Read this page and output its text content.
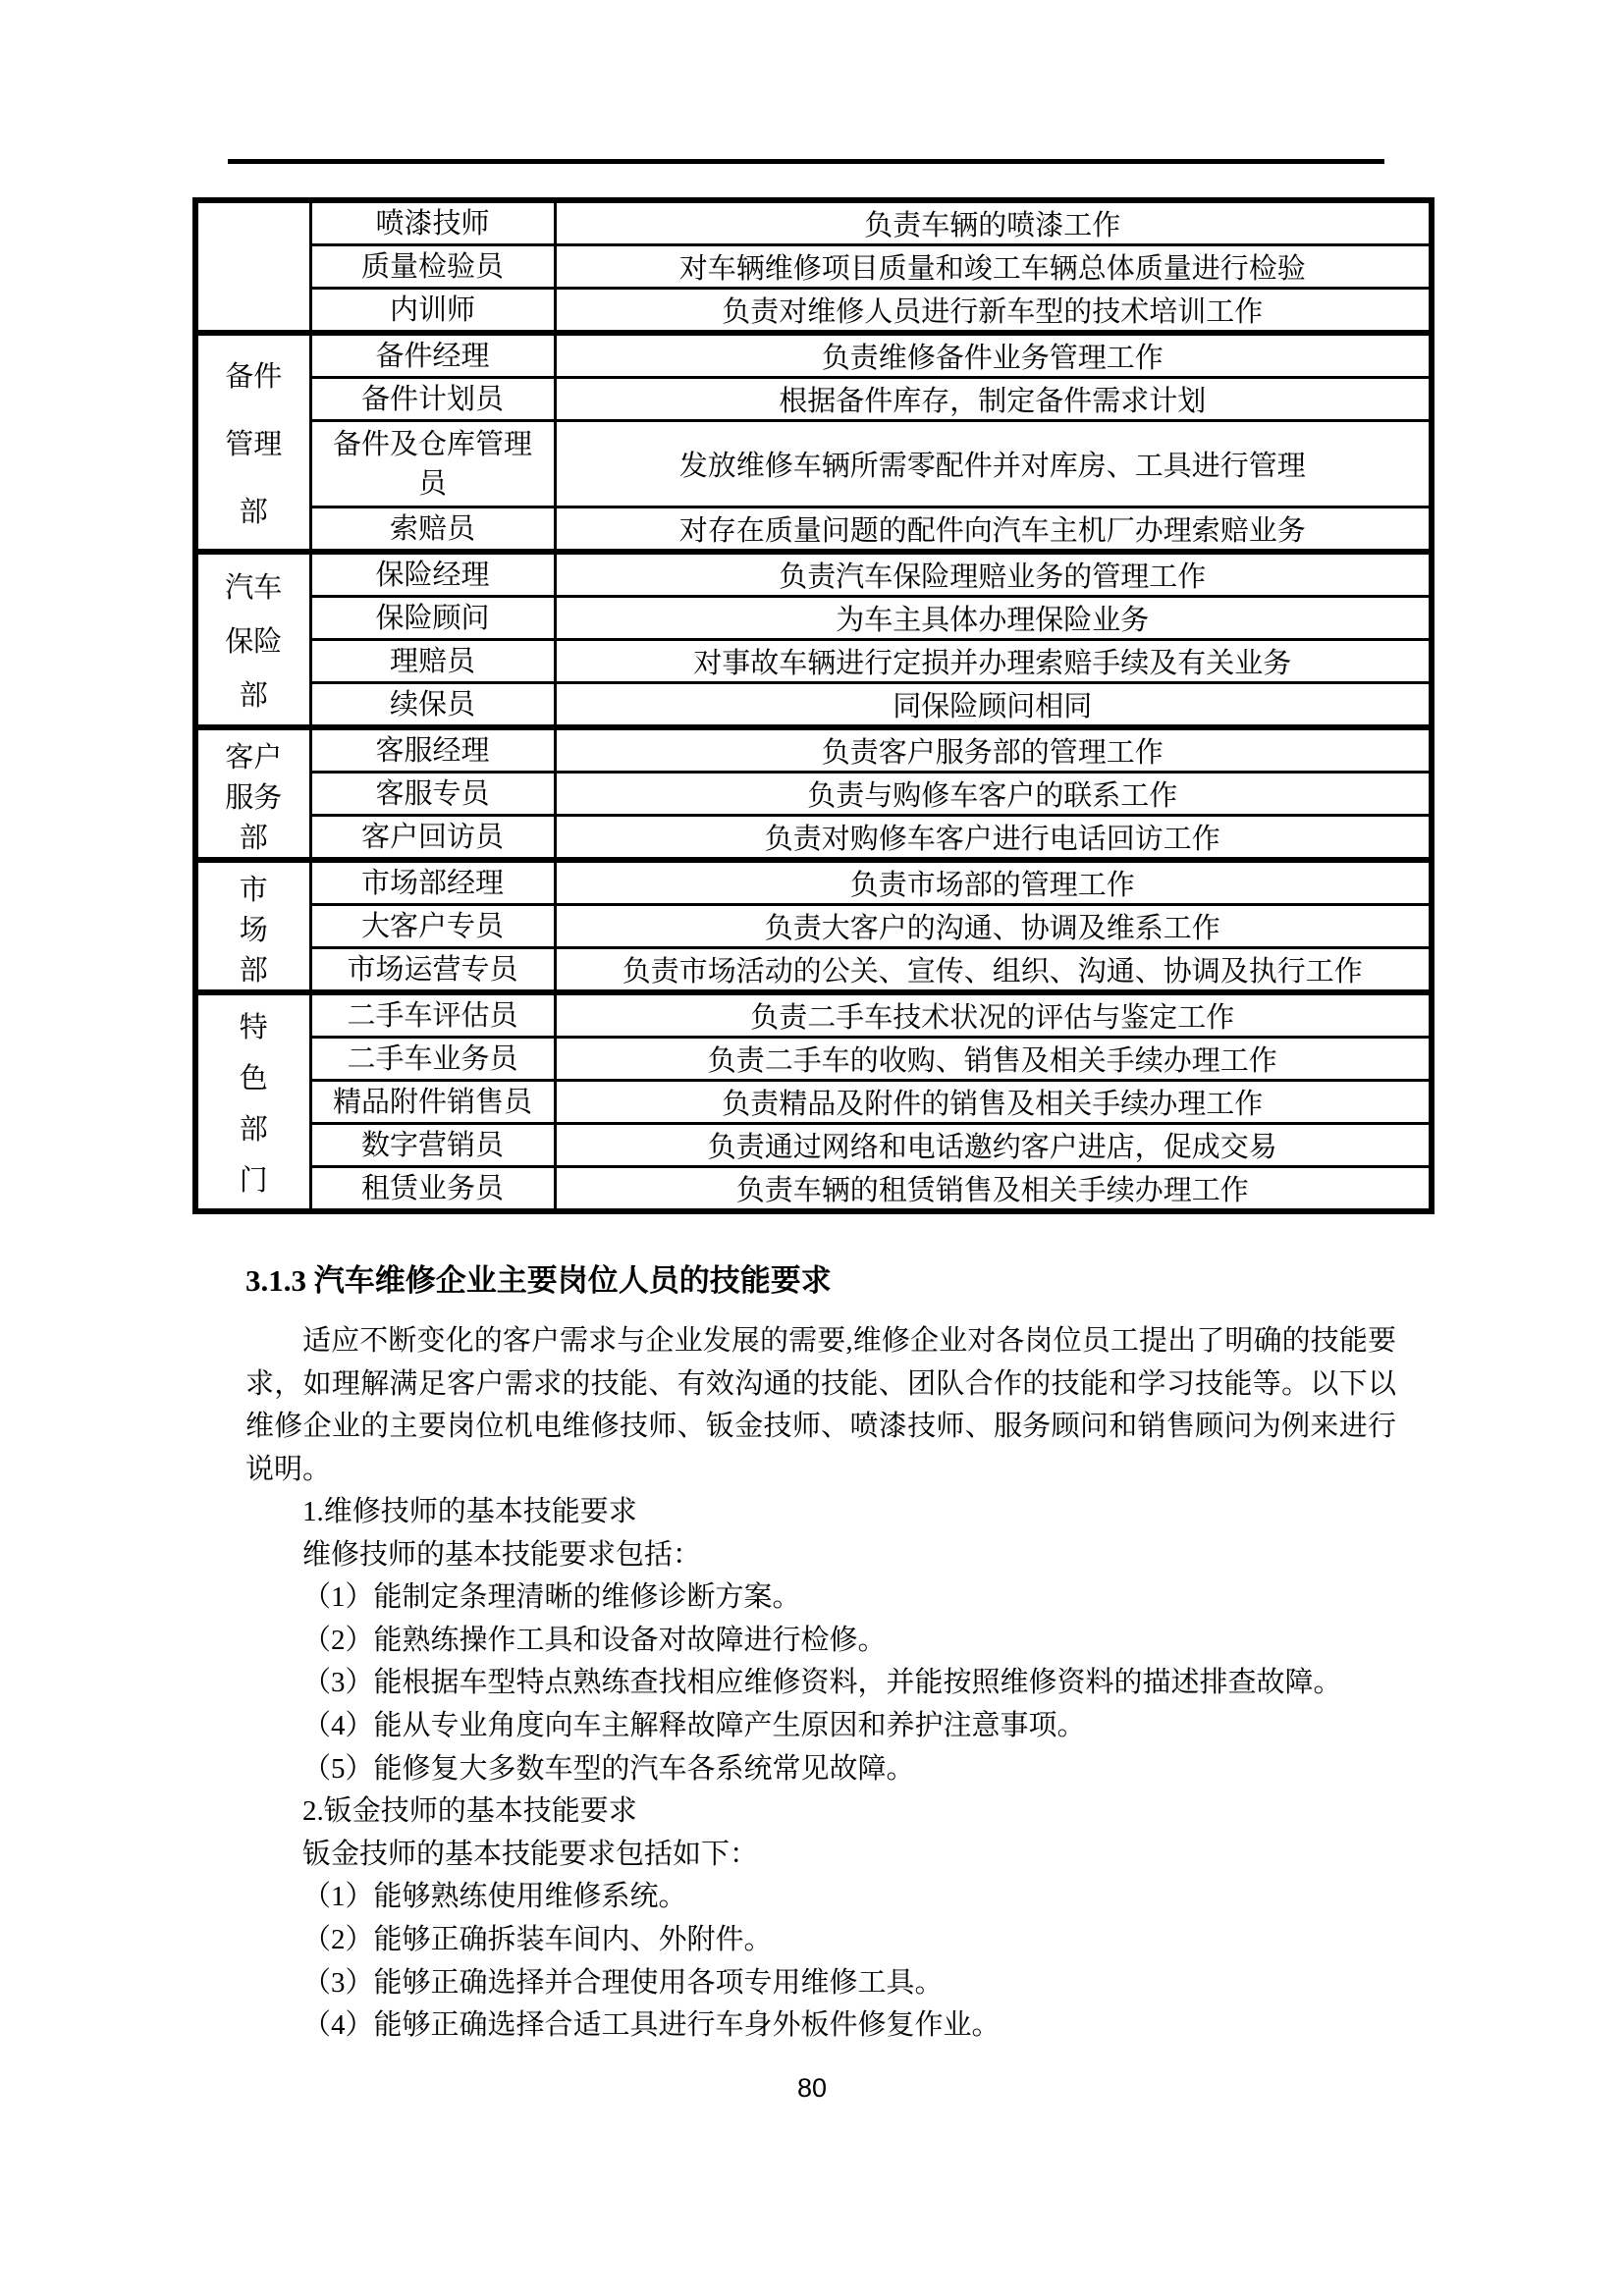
	喷漆技师	负责车辆的喷漆工作
	质量检验员	对车辆维修项目质量和竣工车辆总体质量进行检验
	内训师	负责对维修人员进行新车型的技术培训工作

备件
管理
部	备件经理	负责维修备件业务管理工作
	备件计划员	根据备件库存，制定备件需求计划
	备件及仓库管理员	发放维修车辆所需零配件并对库房、工具进行管理
	索赔员	对存在质量问题的配件向汽车主机厂办理索赔业务

汽车
保险
部	保险经理	负责汽车保险理赔业务的管理工作
	保险顾问	为车主具体办理保险业务
	理赔员	对事故车辆进行定损并办理索赔手续及有关业务
	续保员	同保险顾问相同

客户
服务
部	客服经理	负责客户服务部的管理工作
	客服专员	负责与购修车客户的联系工作
	客户回访员	负责对购修车客户进行电话回访工作

市
场
部	市场部经理	负责市场部的管理工作
	大客户专员	负责大客户的沟通、协调及维系工作
	市场运营专员	负责市场活动的公关、宣传、组织、沟通、协调及执行工作

特
色
部
门	二手车评估员	负责二手车技术状况的评估与鉴定工作
	二手车业务员	负责二手车的收购、销售及相关手续办理工作
	精品附件销售员	负责精品及附件的销售及相关手续办理工作
	数字营销员	负责通过网络和电话邀约客户进店，促成交易
	租赁业务员	负责车辆的租赁销售及相关手续办理工作
3.1.3 汽车维修企业主要岗位人员的技能要求

适应不断变化的客户需求与企业发展的需要,维修企业对各岗位员工提出了明确的技能要求，如理解满足客户需求的技能、有效沟通的技能、团队合作的技能和学习技能等。以下以维修企业的主要岗位机电维修技师、钣金技师、喷漆技师、服务顾问和销售顾问为例来进行说明。

1.维修技师的基本技能要求
维修技师的基本技能要求包括：
（1）能制定条理清晰的维修诊断方案。
（2）能熟练操作工具和设备对故障进行检修。
（3）能根据车型特点熟练查找相应维修资料，并能按照维修资料的描述排查故障。
（4）能从专业角度向车主解释故障产生原因和养护注意事项。
（5）能修复大多数车型的汽车各系统常见故障。
2.钣金技师的基本技能要求
钣金技师的基本技能要求包括如下：
（1）能够熟练使用维修系统。
（2）能够正确拆装车间内、外附件。
（3）能够正确选择并合理使用各项专用维修工具。
（4）能够正确选择合适工具进行车身外板件修复作业。
80
